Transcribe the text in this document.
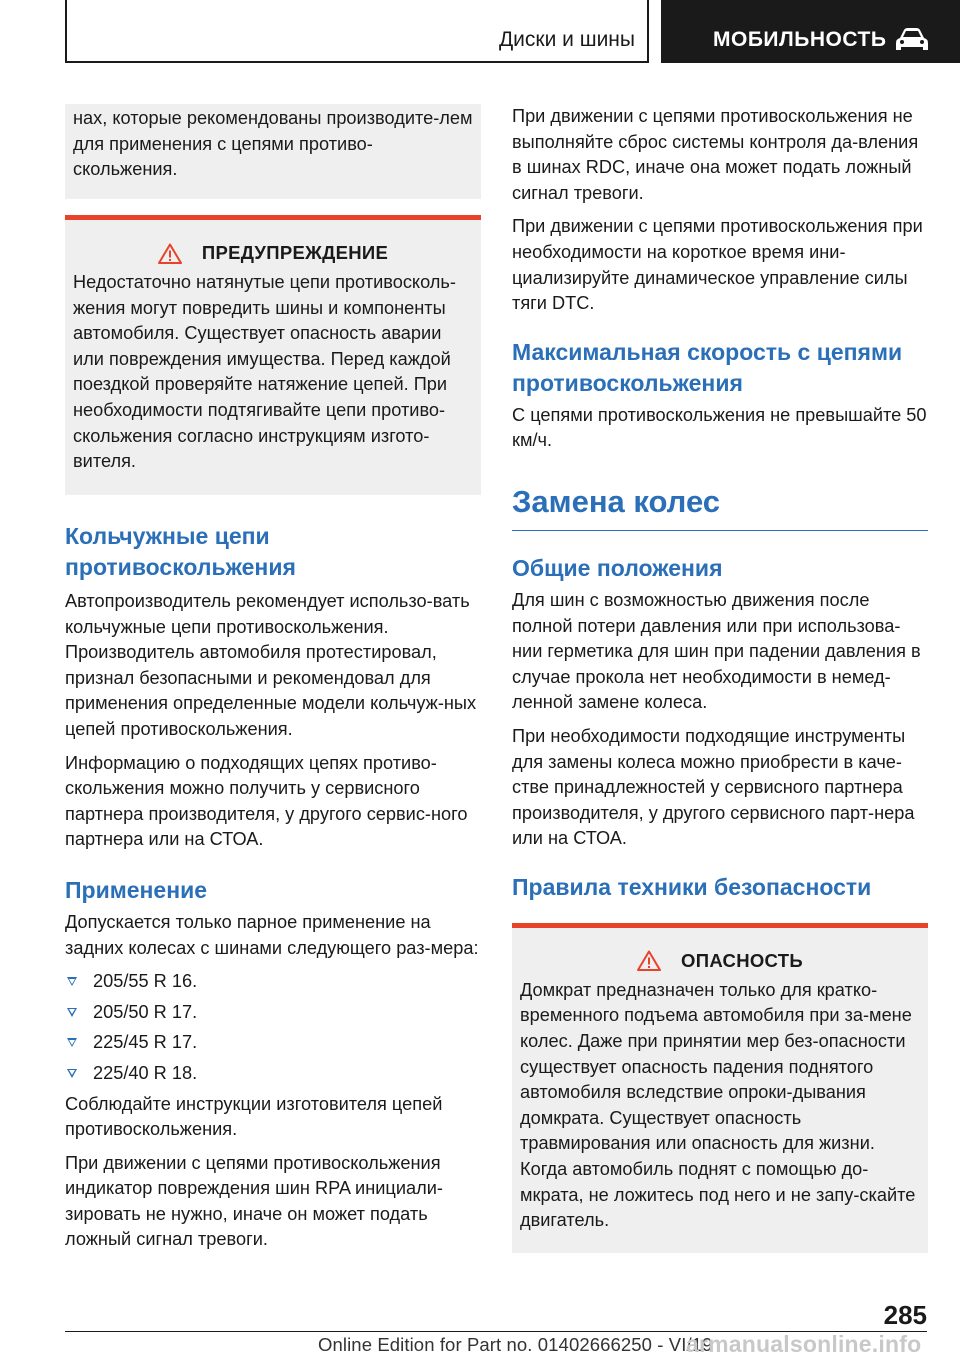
Диски и шины	МОБИЛЬНОСТЬ

нах, которые рекомендованы производите-лем для применения с цепями противо-скольжения.

ПРЕДУПРЕЖДЕНИЕ

Недостаточно натянутые цепи противосколь-жения могут повредить шины и компоненты автомобиля. Существует опасность аварии или повреждения имущества. Перед каждой поездкой проверяйте натяжение цепей. При необходимости подтягивайте цепи противо-скольжения согласно инструкциям изгото-вителя.

Кольчужные цепи противоскольжения

Автопроизводитель рекомендует использо-вать кольчужные цепи противоскольжения. Производитель автомобиля протестировал, признал безопасными и рекомендовал для применения определенные модели кольчуж-ных цепей противоскольжения.

Информацию о подходящих цепях противо-скольжения можно получить у сервисного партнера производителя, у другого сервис-ного партнера или на СТОА.

Применение

Допускается только парное применение на задних колесах с шинами следующего раз-мера:

205/55 R 16.
205/50 R 17.
225/45 R 17.
225/40 R 18.

Соблюдайте инструкции изготовителя цепей противоскольжения.

При движении с цепями противоскольжения индикатор повреждения шин RPA инициали-зировать не нужно, иначе он может подать ложный сигнал тревоги.

При движении с цепями противоскольжения не выполняйте сброс системы контроля да-вления в шинах RDC, иначе она может подать ложный сигнал тревоги.

При движении с цепями противоскольжения при необходимости на короткое время ини-циализируйте динамическое управление силы тяги DTC.

Максимальная скорость с цепями противоскольжения

С цепями противоскольжения не превышайте 50 км/ч.

Замена колес
Общие положения

Для шин с возможностью движения после полной потери давления или при использова-нии герметика для шин при падении давления в случае прокола нет необходимости в немед-ленной замене колеса.

При необходимости подходящие инструменты для замены колеса можно приобрести в каче-стве принадлежностей у сервисного партнера производителя, у другого сервисного парт-нера или на СТОА.

Правила техники безопасности
ОПАСНОСТЬ

Домкрат предназначен только для кратко-временного подъема автомобиля при за-мене колес. Даже при принятии мер без-опасности существует опасность падения поднятого автомобиля вследствие опроки-дывания домкрата. Существует опасность травмирования или опасность для жизни. Когда автомобиль поднят с помощью до-мкрата, не ложитесь под него и не запу-скайте двигатель.

285
Online Edition for Part no. 01402666250 - VI/19
armanualsonline.info
